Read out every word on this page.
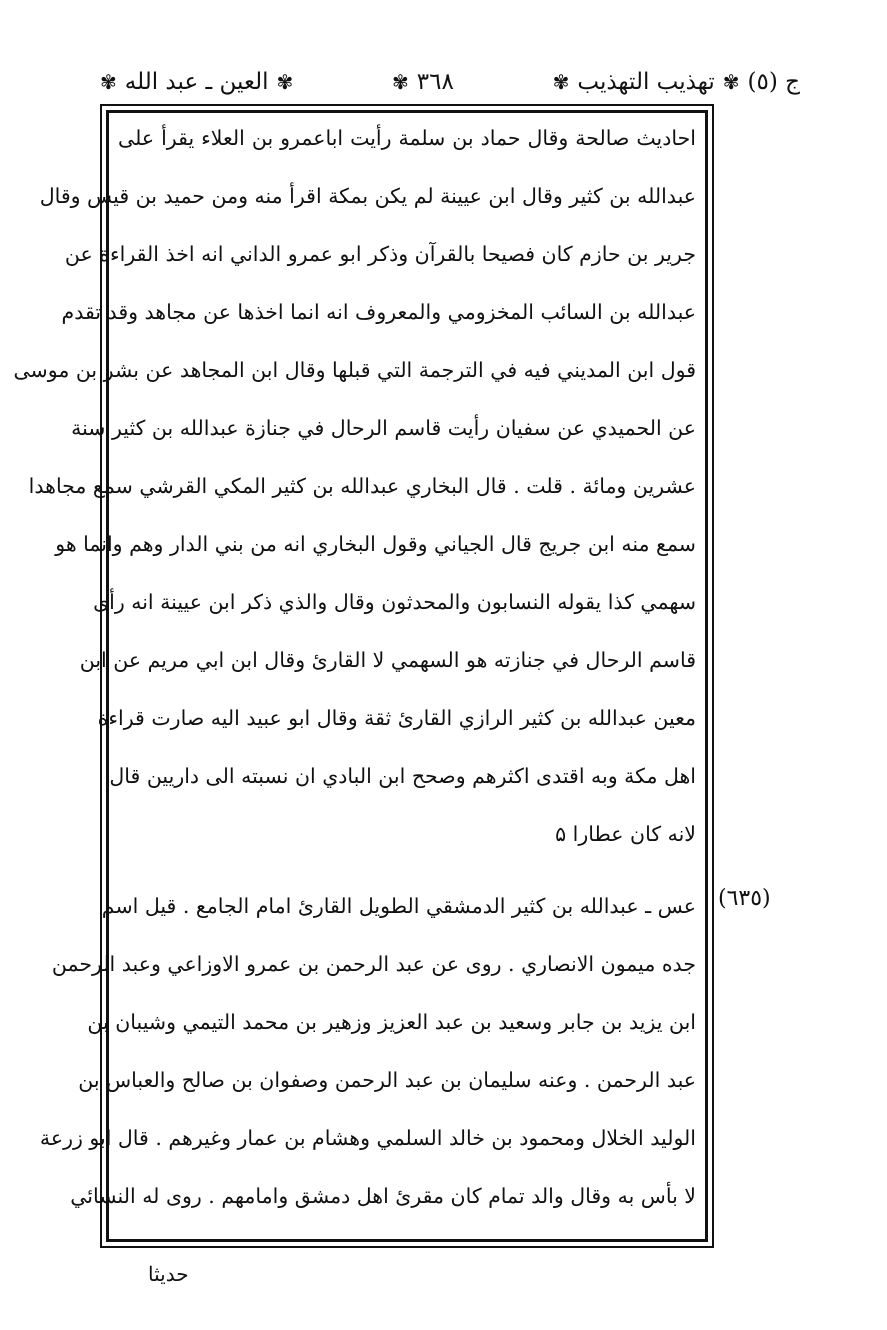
ج (٥)
✾
تهذيب التهذيب
✾
٣٦٨
✾
✾
العين ـ عبد الله
✾
احاديث صالحة وقال حماد بن سلمة رأيت اباعمرو بن العلاء يقرأ على
عبدالله بن كثير وقال ابن عيينة لم يكن بمكة اقرأ منه ومن حميد بن قيس وقال
جرير بن حازم كان فصيحا بالقرآن وذكر ابو عمرو الداني انه اخذ القراءة عن
عبدالله بن السائب المخزومي والمعروف انه انما اخذها عن مجاهد وقد تقدم
قول ابن المديني فيه في الترجمة التي قبلها وقال ابن المجاهد عن بشر بن موسى
عن الحميدي عن سفيان رأيت قاسم الرحال في جنازة عبدالله بن كثير سنة
عشرين ومائة . قلت . قال البخاري عبدالله بن كثير المكي القرشي سمع مجاهدا
سمع منه ابن جريج قال الجياني وقول البخاري انه من بني الدار وهم وانما هو
سهمي كذا يقوله النسابون والمحدثون وقال والذي ذكر ابن عيينة انه رأى
قاسم الرحال في جنازته هو السهمي لا القارئ وقال ابن ابي مريم عن ابن
معين عبدالله بن كثير الرازي القارئ ثقة وقال ابو عبيد اليه صارت قراءة
اهل مكة وبه اقتدى اكثرهم وصحح ابن البادي ان نسبته الى داريين قال
لانه كان عطارا ۵
عس ـ عبدالله بن كثير الدمشقي الطويل القارئ امام الجامع . قيل اسم
جده ميمون الانصاري . روى عن عبد الرحمن بن عمرو الاوزاعي وعبد الرحمن
ابن يزيد بن جابر وسعيد بن عبد العزيز وزهير بن محمد التيمي وشيبان بن
عبد الرحمن . وعنه سليمان بن عبد الرحمن وصفوان بن صالح والعباس بن
الوليد الخلال ومحمود بن خالد السلمي وهشام بن عمار وغيرهم . قال ابو زرعة
لا بأس به وقال والد تمام كان مقرئ اهل دمشق وامامهم . روى له النسائي
(٦٣٥)
حدیثا
